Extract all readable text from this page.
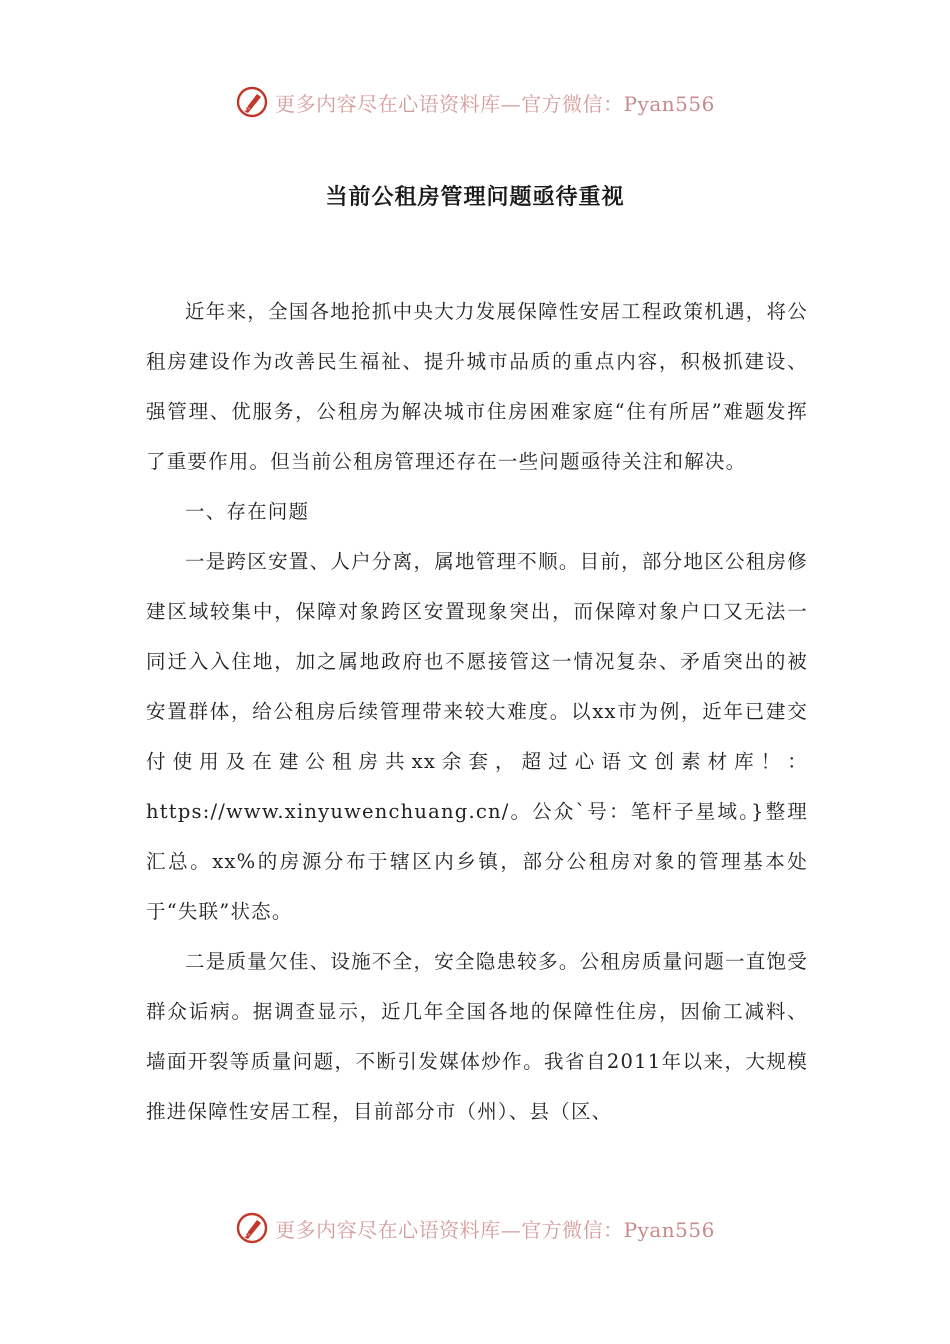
更多内容尽在心语资料库—官方微信：Pyan556
当前公租房管理问题亟待重视

近年来，全国各地抢抓中央大力发展保障性安居工程政策机遇，将公租房建设作为改善民生福祉、提升城市品质的重点内容，积极抓建设、强管理、优服务，公租房为解决城市住房困难家庭“住有所居”难题发挥了重要作用。但当前公租房管理还存在一些问题亟待关注和解决。

一、存在问题

一是跨区安置、人户分离，属地管理不顺。目前，部分地区公租房修建区域较集中，保障对象跨区安置现象突出，而保障对象户口又无法一同迁入入住地，加之属地政府也不愿接管这一情况复杂、矛盾突出的被安置群体，给公租房后续管理带来较大难度。以xx市为例，近年已建交付使用及在建公租房共xx余套，超过心语文创素材库！：https://www.xinyuwenchuang.cn/。公众`号：笔杆子星域。}整理汇总。xx%的房源分布于辖区内乡镇，部分公租房对象的管理基本处于“失联”状态。

二是质量欠佳、设施不全，安全隐患较多。公租房质量问题一直饱受群众诟病。据调查显示，近几年全国各地的保障性住房，因偷工减料、墙面开裂等质量问题，不断引发媒体炒作。我省自2011年以来，大规模推进保障性安居工程，目前部分市（州）、县（区、

更多内容尽在心语资料库—官方微信：Pyan556
